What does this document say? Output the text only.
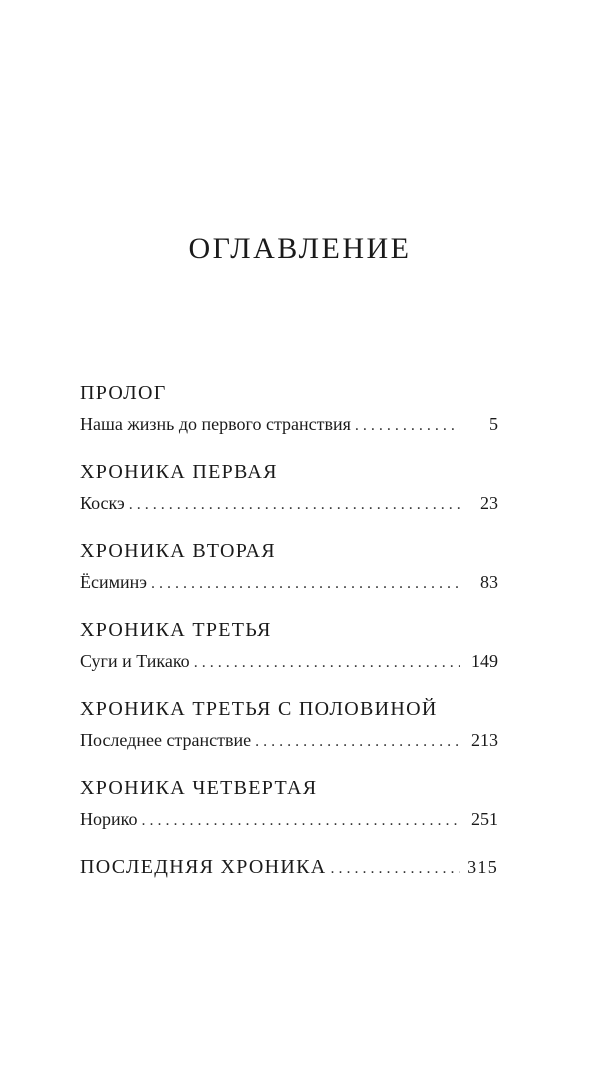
ОГЛАВЛЕНИЕ
ПРОЛОГ
Наша жизнь до первого странствия . . .	5
ХРОНИКА ПЕРВАЯ
Коскэ . . .	23
ХРОНИКА ВТОРАЯ
Ёсиминэ . . .	83
ХРОНИКА ТРЕТЬЯ
Суги и Тикако . . .	149
ХРОНИКА ТРЕТЬЯ С ПОЛОВИНОЙ
Последнее странствие . . .	213
ХРОНИКА ЧЕТВЕРТАЯ
Норико . . .	251
ПОСЛЕДНЯЯ ХРОНИКА . . .	315
